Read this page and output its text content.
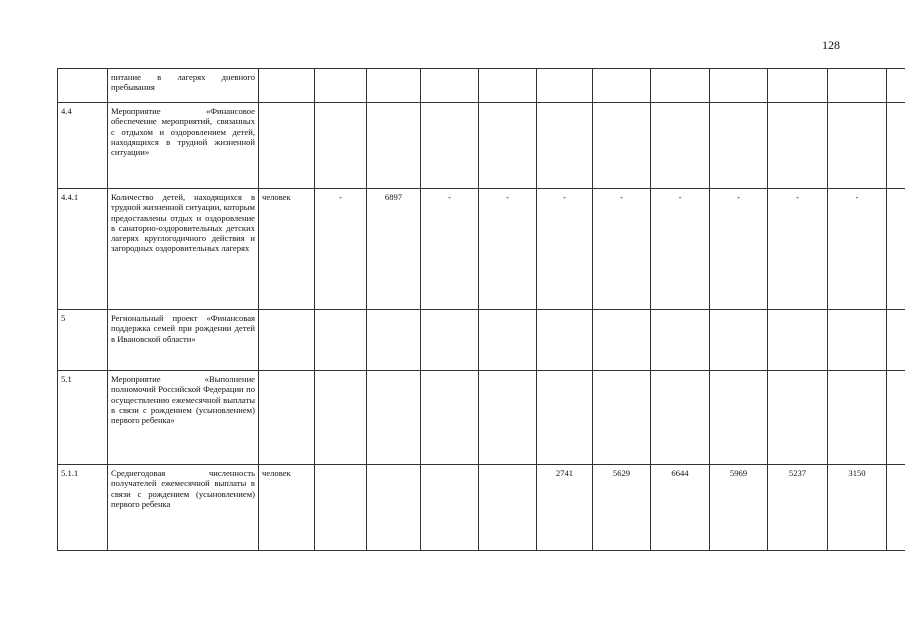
128
	питание в лагерях дневного пребывания												
4.4	Мероприятие «Финансовое обеспечение мероприятий, связанных с отдыхом и оздоровлением детей, находящихся в трудной жизненной ситуации»												
4.4.1	Количество детей, находящихся в трудной жизненной ситуации, которым предоставлены отдых и оздоровление в санаторно-оздоровительных детских лагерях круглогодичного действия и загородных оздоровительных лагерях	человек	-	6897	-	-	-	-	-	-	-	-	
5	Региональный проект «Финансовая поддержка семей при рождении детей в Ивановской области»												
5.1	Мероприятие «Выполнение полномочий Российской Федерации по осуществлению ежемесячной выплаты в связи с рождением (усыновлением) первого ребенка»												
5.1.1	Среднегодовая численность получателей ежемесячной выплаты в связи с рождением (усыновлением) первого ребенка	человек					2741	5629	6644	5969	5237	3150	
